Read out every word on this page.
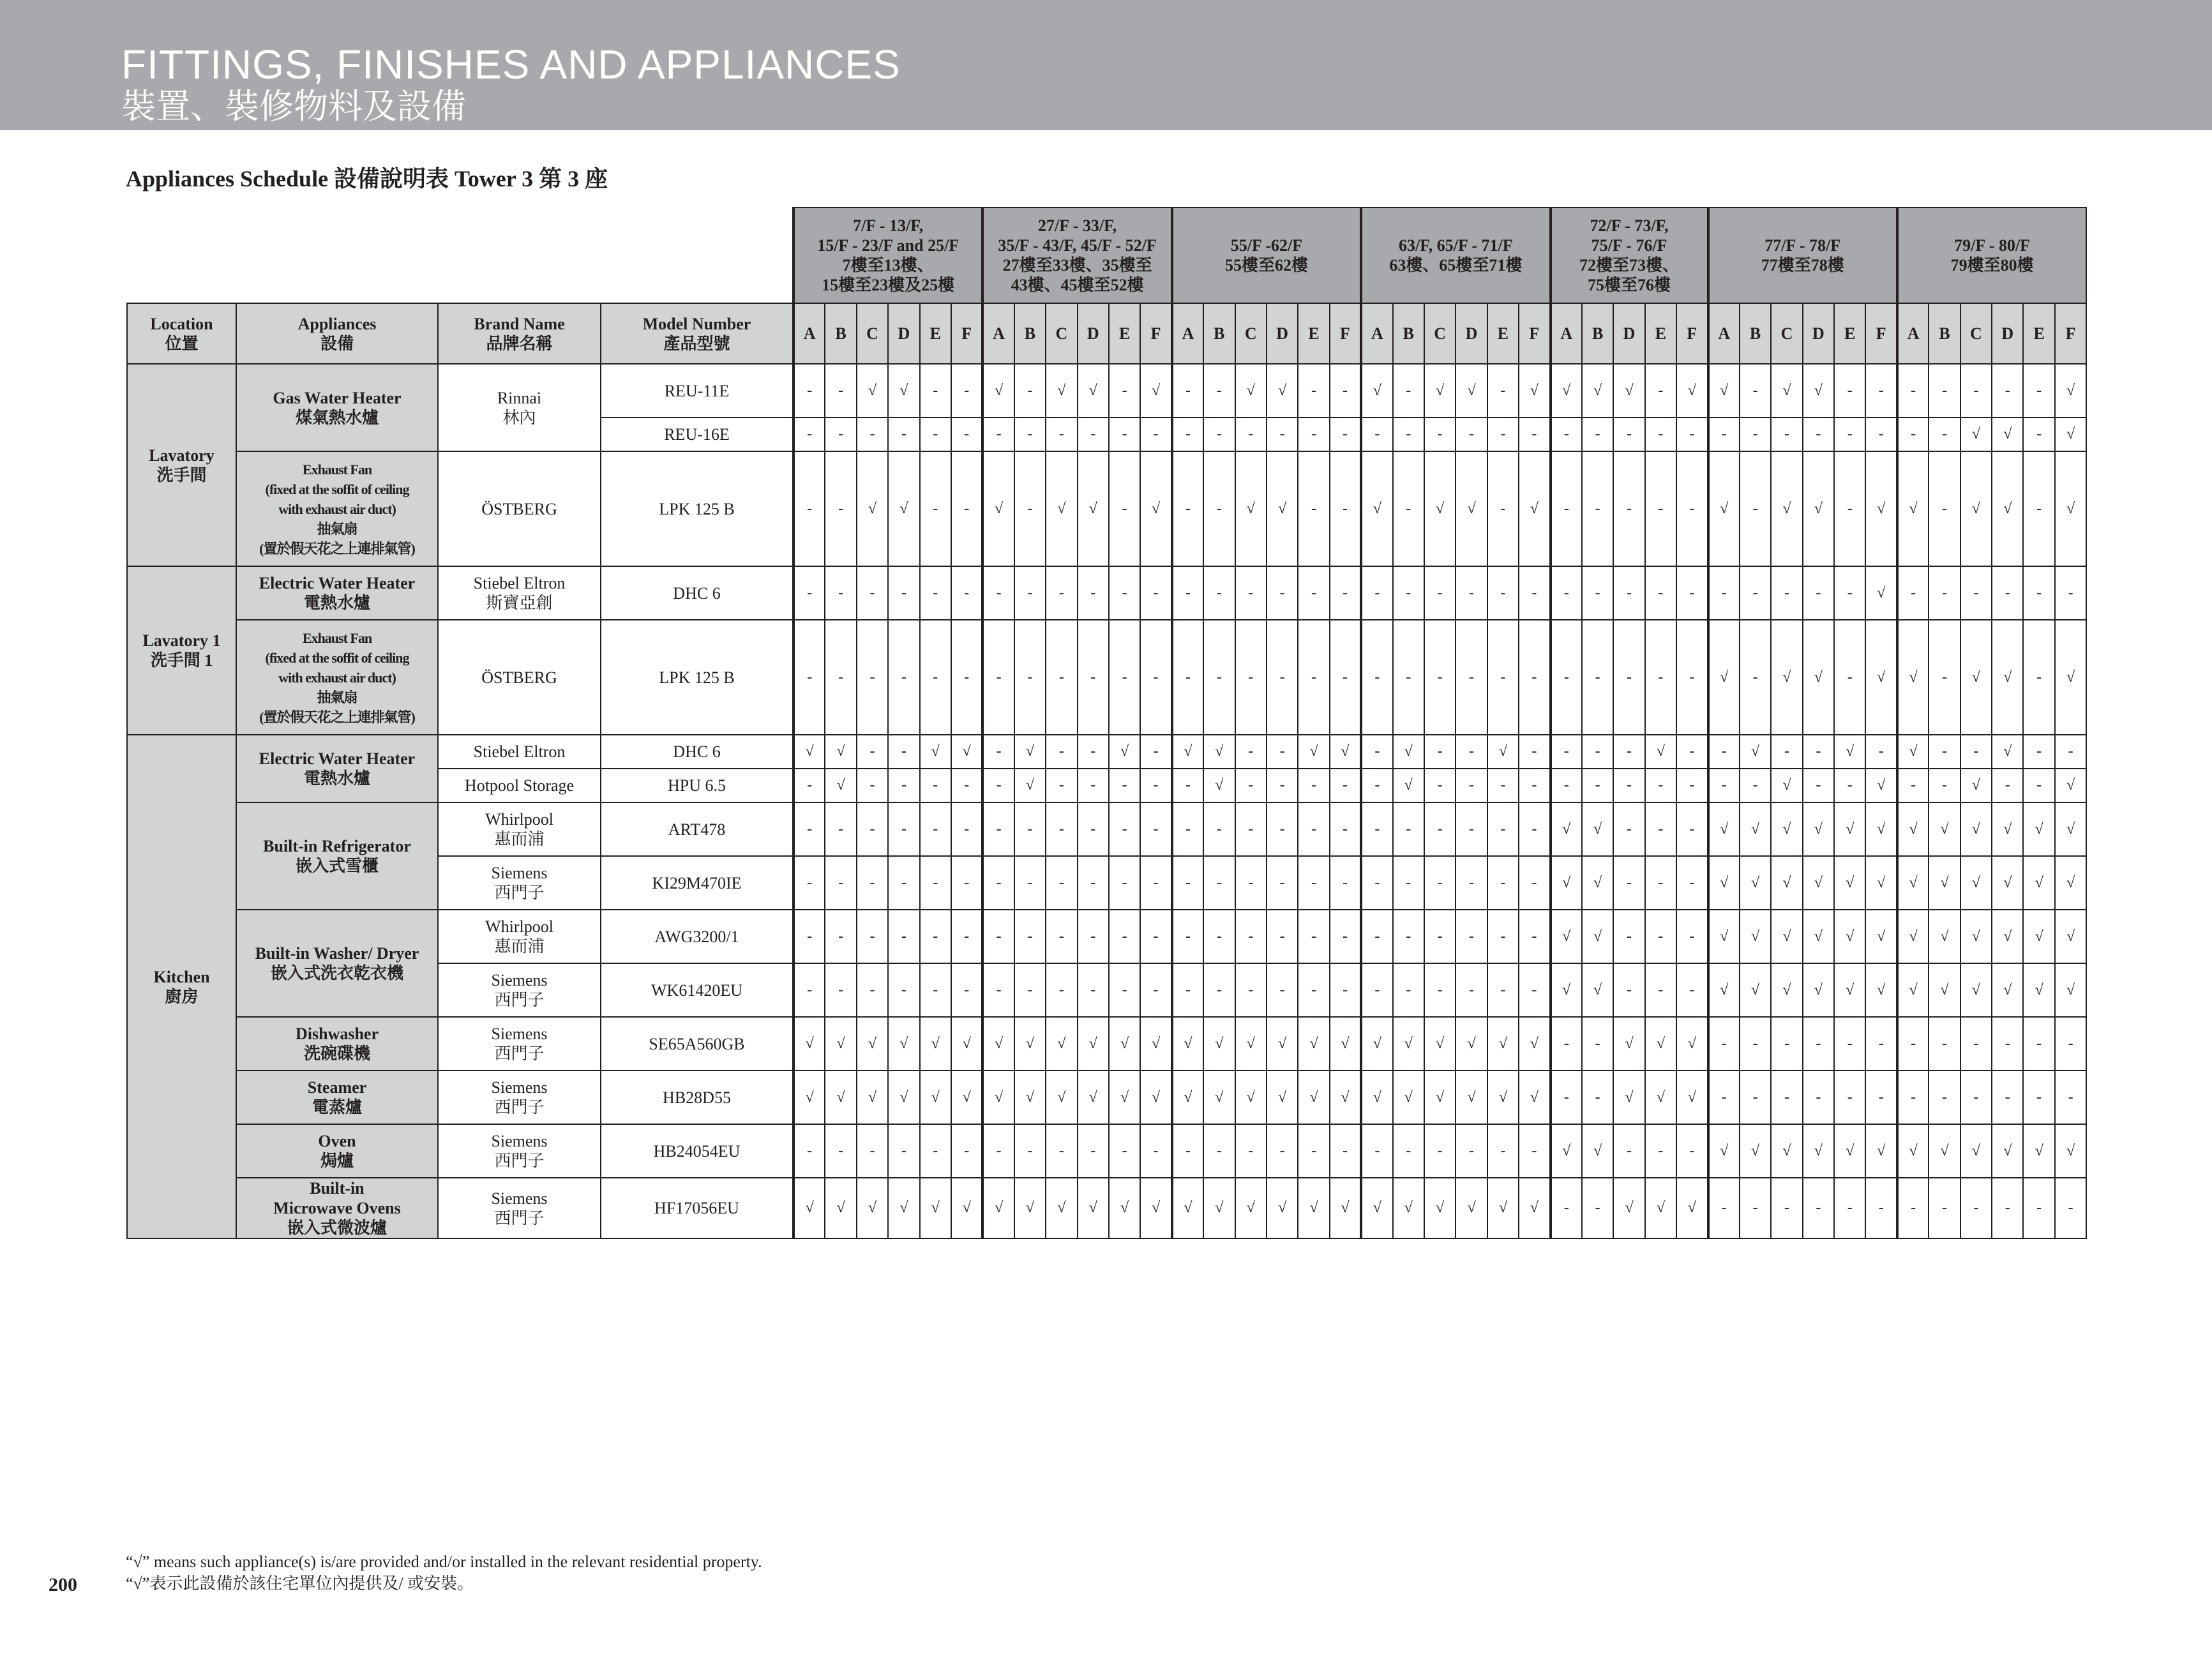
FITTINGS, FINISHES AND APPLIANCES
裝置、裝修物料及設備
Appliances Schedule 設備說明表 Tower 3 第 3 座
				7/F - 13/F,
15/F - 23/F and 25/F
7樓至13樓、
15樓至23樓及25樓						27/F - 33/F,
35/F - 43/F, 45/F - 52/F
27樓至33樓、35樓至
43樓、45樓至52樓						55/F -62/F
55樓至62樓						63/F, 65/F - 71/F
63樓、65樓至71樓						72/F - 73/F,
75/F - 76/F
72樓至73樓、
75樓至76樓					77/F - 78/F
77樓至78樓						79/F - 80/F
79樓至80樓					
Location
位置	Appliances
設備	Brand Name
品牌名稱	Model Number
產品型號	A	B	C	D	E	F	A	B	C	D	E	F	A	B	C	D	E	F	A	B	C	D	E	F	A	B	D	E	F	A	B	C	D	E	F	A	B	C	D	E	F
Lavatory
洗手間	Gas Water Heater
煤氣熱水爐	Rinnai
林內	REU-11E	-	-	√	√	-	-	√	-	√	√	-	√	-	-	√	√	-	-	√	-	√	√	-	√	√	√	√	-	√	√	-	√	√	-	-	-	-	-	-	-	√
			REU-16E	-	-	-	-	-	-	-	-	-	-	-	-	-	-	-	-	-	-	-	-	-	-	-	-	-	-	-	-	-	-	-	-	-	-	-	-	-	√	√	-	√
	Exhaust Fan
(fixed at the soffit of ceiling
with exhaust air duct)
抽氣扇
(置於假天花之上連排氣管)	ÖSTBERG	LPK 125 B	-	-	√	√	-	-	√	-	√	√	-	√	-	-	√	√	-	-	√	-	√	√	-	√	-	-	-	-	-	√	-	√	√	-	√	√	-	√	√	-	√
Lavatory 1
洗手間 1	Electric Water Heater
電熱水爐	Stiebel Eltron
斯寶亞創	DHC 6	-	-	-	-	-	-	-	-	-	-	-	-	-	-	-	-	-	-	-	-	-	-	-	-	-	-	-	-	-	-	-	-	-	-	√	-	-	-	-	-	-
	Exhaust Fan
(fixed at the soffit of ceiling
with exhaust air duct)
抽氣扇
(置於假天花之上連排氣管)	ÖSTBERG	LPK 125 B	-	-	-	-	-	-	-	-	-	-	-	-	-	-	-	-	-	-	-	-	-	-	-	-	-	-	-	-	-	√	-	√	√	-	√	√	-	√	√	-	√
Kitchen
廚房	Electric Water Heater
電熱水爐	Stiebel Eltron	DHC 6	√	√	-	-	√	√	-	√	-	-	√	-	√	√	-	-	√	√	-	√	-	-	√	-	-	-	-	√	-	-	√	-	-	√	-	√	-	-	√	-	-
		Hotpool Storage	HPU 6.5	-	√	-	-	-	-	-	√	-	-	-	-	-	√	-	-	-	-	-	√	-	-	-	-	-	-	-	-	-	-	-	√	-	-	√	-	-	√	-	-	√
	Built-in Refrigerator
嵌入式雪櫃	Whirlpool
惠而浦	ART478	-	-	-	-	-	-	-	-	-	-	-	-	-	-	-	-	-	-	-	-	-	-	-	-	√	√	-	-	-	√	√	√	√	√	√	√	√	√	√	√	√
		Siemens
西門子	KI29M470IE	-	-	-	-	-	-	-	-	-	-	-	-	-	-	-	-	-	-	-	-	-	-	-	-	√	√	-	-	-	√	√	√	√	√	√	√	√	√	√	√	√
	Built-in Washer/ Dryer
嵌入式洗衣乾衣機	Whirlpool
惠而浦	AWG3200/1	-	-	-	-	-	-	-	-	-	-	-	-	-	-	-	-	-	-	-	-	-	-	-	-	√	√	-	-	-	√	√	√	√	√	√	√	√	√	√	√	√
		Siemens
西門子	WK61420EU	-	-	-	-	-	-	-	-	-	-	-	-	-	-	-	-	-	-	-	-	-	-	-	-	√	√	-	-	-	√	√	√	√	√	√	√	√	√	√	√	√
	Dishwasher
洗碗碟機	Siemens
西門子	SE65A560GB	√	√	√	√	√	√	√	√	√	√	√	√	√	√	√	√	√	√	√	√	√	√	√	√	-	-	√	√	√	-	-	-	-	-	-	-	-	-	-	-	-
	Steamer
電蒸爐	Siemens
西門子	HB28D55	√	√	√	√	√	√	√	√	√	√	√	√	√	√	√	√	√	√	√	√	√	√	√	√	-	-	√	√	√	-	-	-	-	-	-	-	-	-	-	-	-
	Oven
焗爐	Siemens
西門子	HB24054EU	-	-	-	-	-	-	-	-	-	-	-	-	-	-	-	-	-	-	-	-	-	-	-	-	√	√	-	-	-	√	√	√	√	√	√	√	√	√	√	√	√
	Built-in
Microwave Ovens
嵌入式微波爐	Siemens
西門子	HF17056EU	√	√	√	√	√	√	√	√	√	√	√	√	√	√	√	√	√	√	√	√	√	√	√	√	-	-	√	√	√	-	-	-	-	-	-	-	-	-	-	-	-
“√” means such appliance(s) is/are provided and/or installed in the relevant residential property.
“√”表示此設備於該住宅單位內提供及/ 或安裝。
200
